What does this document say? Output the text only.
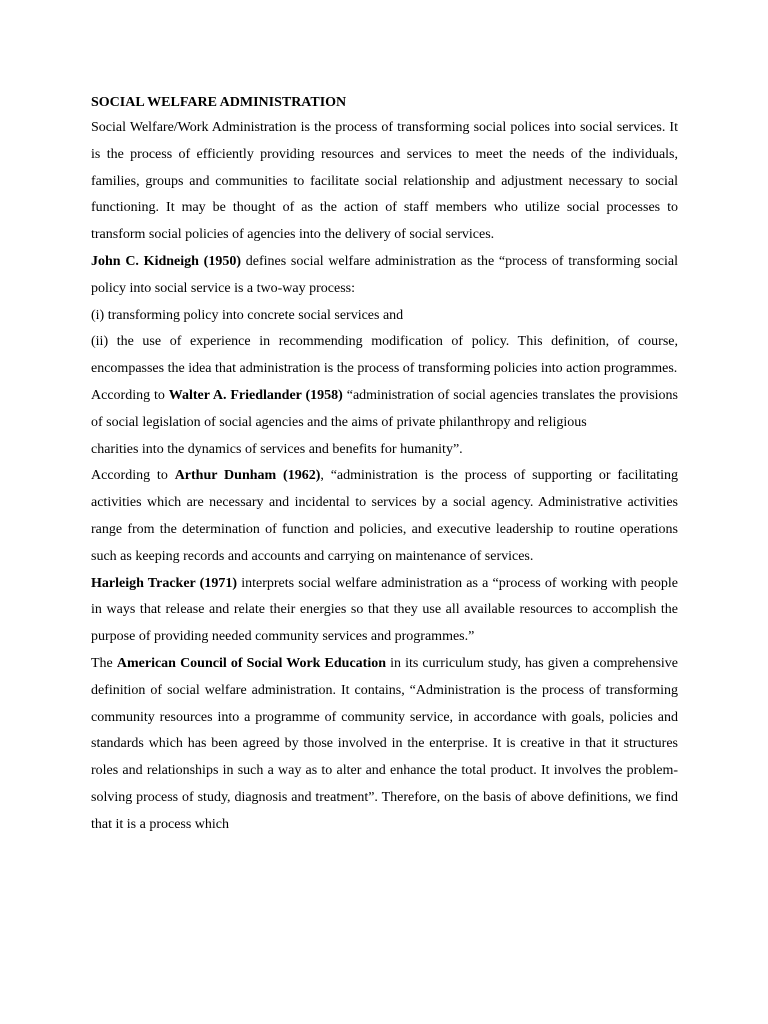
SOCIAL WELFARE ADMINISTRATION

Social Welfare/Work Administration is the process of transforming social polices into social services. It is the process of efficiently providing resources and services to meet the needs of the individuals, families, groups and communities to facilitate social relationship and adjustment necessary to social functioning. It may be thought of as the action of staff members who utilize social processes to transform social policies of agencies into the delivery of social services.

John C. Kidneigh (1950) defines social welfare administration as the “process of transforming social policy into social service is a two-way process:

(i) transforming policy into concrete social services and

(ii) the use of experience in recommending modification of policy. This definition, of course, encompasses the idea that administration is the process of transforming policies into action programmes.

According to Walter A. Friedlander (1958) “administration of social agencies translates the provisions of social legislation of social agencies and the aims of private philanthropy and religious

charities into the dynamics of services and benefits for humanity”.

According to Arthur Dunham (1962), “administration is the process of supporting or facilitating activities which are necessary and incidental to services by a social agency. Administrative activities range from the determination of function and policies, and executive leadership to routine operations such as keeping records and accounts and carrying on maintenance of services.

Harleigh Tracker (1971) interprets social welfare administration as a “process of working with people in ways that release and relate their energies so that they use all available resources to accomplish the purpose of providing needed community services and programmes.”

The American Council of Social Work Education in its curriculum study, has given a comprehensive definition of social welfare administration. It contains, “Administration is the process of transforming community resources into a programme of community service, in accordance with goals, policies and standards which has been agreed by those involved in the enterprise. It is creative in that it structures roles and relationships in such a way as to alter and enhance the total product. It involves the problem-solving process of study, diagnosis and treatment”. Therefore, on the basis of above definitions, we find that it is a process which
